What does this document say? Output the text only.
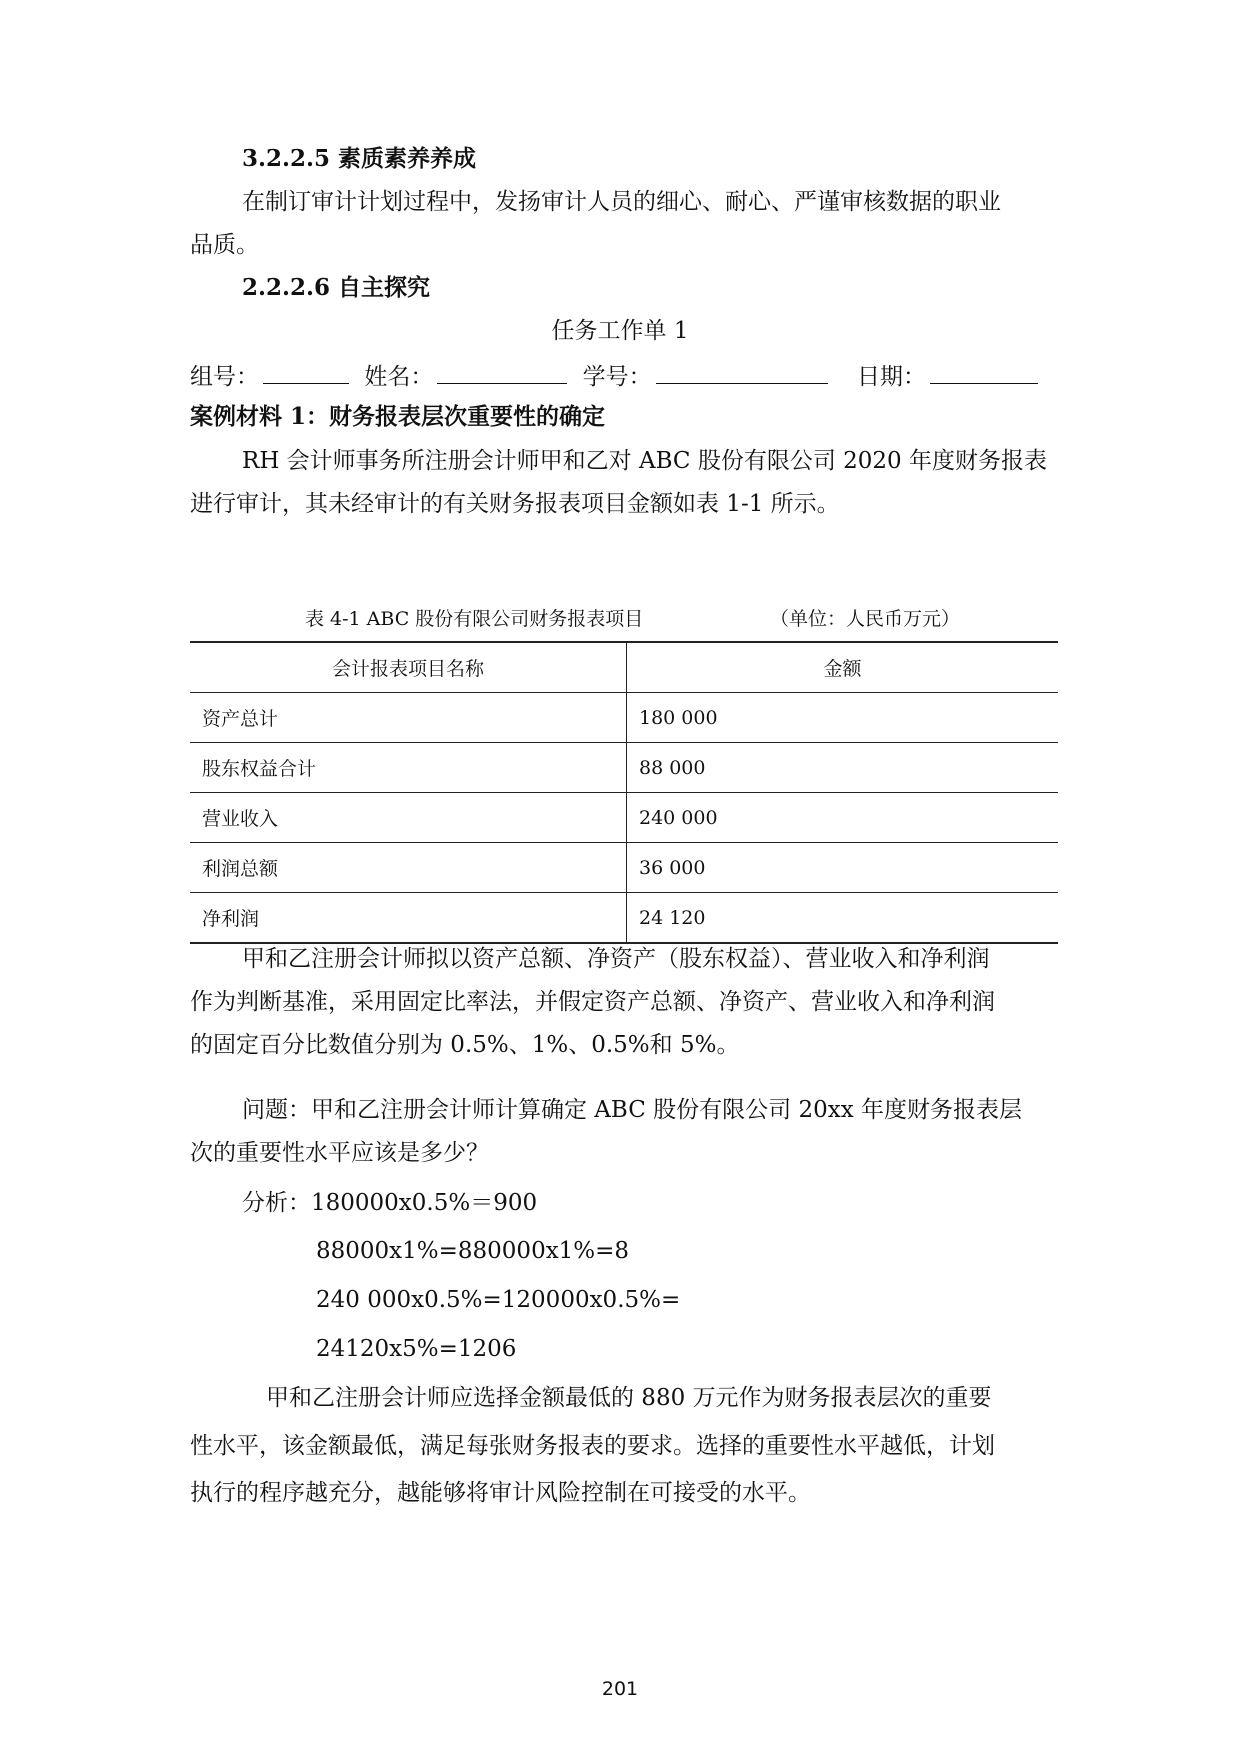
3.2.2.5 素质素养养成
在制订审计计划过程中，发扬审计人员的细心、耐心、严谨审核数据的职业
品质。
2.2.2.6 自主探究
任务工作单 1
组号：	姓名：	学号：	日期：
案例材料 1：财务报表层次重要性的确定
RH 会计师事务所注册会计师甲和乙对 ABC 股份有限公司 2020 年度财务报表
进行审计，其未经审计的有关财务报表项目金额如表 1-1 所示。
表 4-1 ABC 股份有限公司财务报表项目	（单位：人民币万元）
会计报表项目名称	金额
资产总计	180 000
股东权益合计	88 000
营业收入	240 000
利润总额	36 000
净利润	24 120
甲和乙注册会计师拟以资产总额、净资产（股东权益）、营业收入和净利润
作为判断基准，采用固定比率法，并假定资产总额、净资产、营业收入和净利润
的固定百分比数值分别为 0.5%、1%、0.5%和 5%。
问题：甲和乙注册会计师计算确定 ABC 股份有限公司 20xx 年度财务报表层
次的重要性水平应该是多少？
分析：180000x0.5%＝900
88000x1%=880000x1%=8
240 000x0.5%=120000x0.5%=
24120x5%=1206
甲和乙注册会计师应选择金额最低的 880 万元作为财务报表层次的重要
性水平，该金额最低，满足每张财务报表的要求。选择的重要性水平越低，计划
执行的程序越充分，越能够将审计风险控制在可接受的水平。
201
